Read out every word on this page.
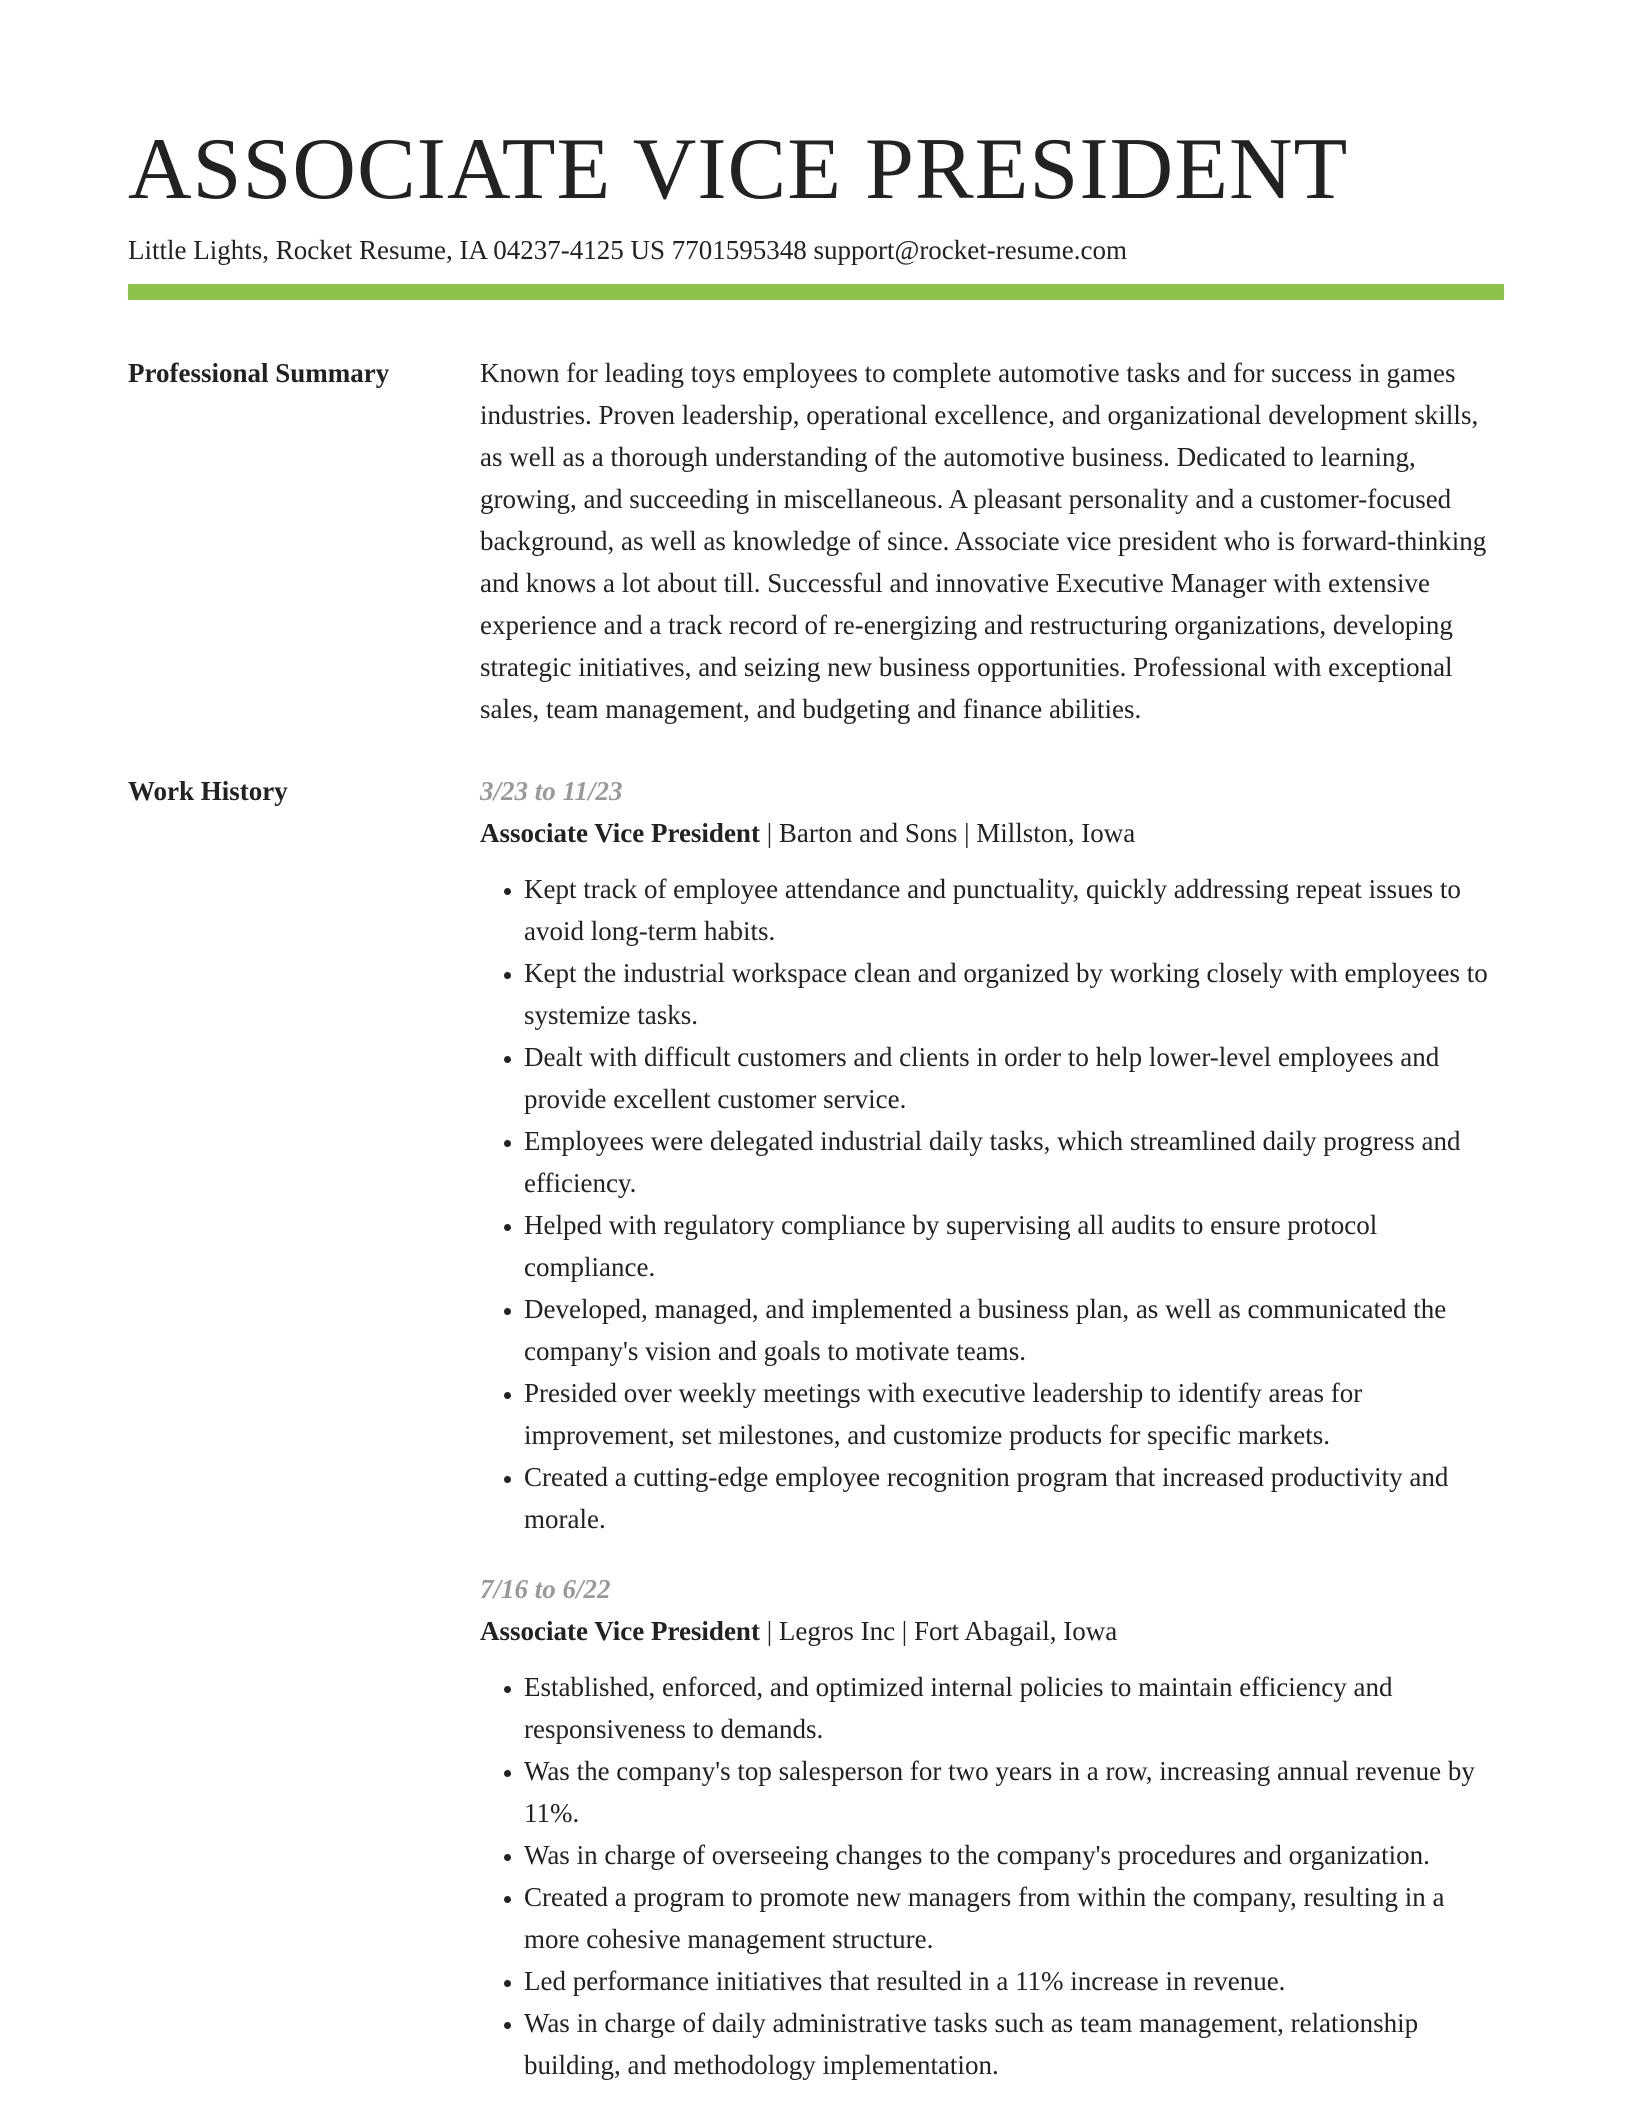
ASSOCIATE VICE PRESIDENT
Little Lights, Rocket Resume, IA 04237-4125 US 7701595348 support@rocket-resume.com
Professional Summary	Known for leading toys employees to complete automotive tasks and for success in games industries. Proven leadership, operational excellence, and organizational development skills, as well as a thorough understanding of the automotive business. Dedicated to learning, growing, and succeeding in miscellaneous. A pleasant personality and a customer-focused background, as well as knowledge of since. Associate vice president who is forward-thinking and knows a lot about till. Successful and innovative Executive Manager with extensive experience and a track record of re-energizing and restructuring organizations, developing strategic initiatives, and seizing new business opportunities. Professional with exceptional sales, team management, and budgeting and finance abilities.

Work History	3/23 to 11/23
Associate Vice President | Barton and Sons | Millston, Iowa
• Kept track of employee attendance and punctuality, quickly addressing repeat issues to avoid long-term habits.
• Kept the industrial workspace clean and organized by working closely with employees to systemize tasks.
• Dealt with difficult customers and clients in order to help lower-level employees and provide excellent customer service.
• Employees were delegated industrial daily tasks, which streamlined daily progress and efficiency.
• Helped with regulatory compliance by supervising all audits to ensure protocol compliance.
• Developed, managed, and implemented a business plan, as well as communicated the company's vision and goals to motivate teams.
• Presided over weekly meetings with executive leadership to identify areas for improvement, set milestones, and customize products for specific markets.
• Created a cutting-edge employee recognition program that increased productivity and morale.
7/16 to 6/22
Associate Vice President | Legros Inc | Fort Abagail, Iowa
• Established, enforced, and optimized internal policies to maintain efficiency and responsiveness to demands.
• Was the company's top salesperson for two years in a row, increasing annual revenue by 11%.
• Was in charge of overseeing changes to the company's procedures and organization.
• Created a program to promote new managers from within the company, resulting in a more cohesive management structure.
• Led performance initiatives that resulted in a 11% increase in revenue.
• Was in charge of daily administrative tasks such as team management, relationship building, and methodology implementation.
